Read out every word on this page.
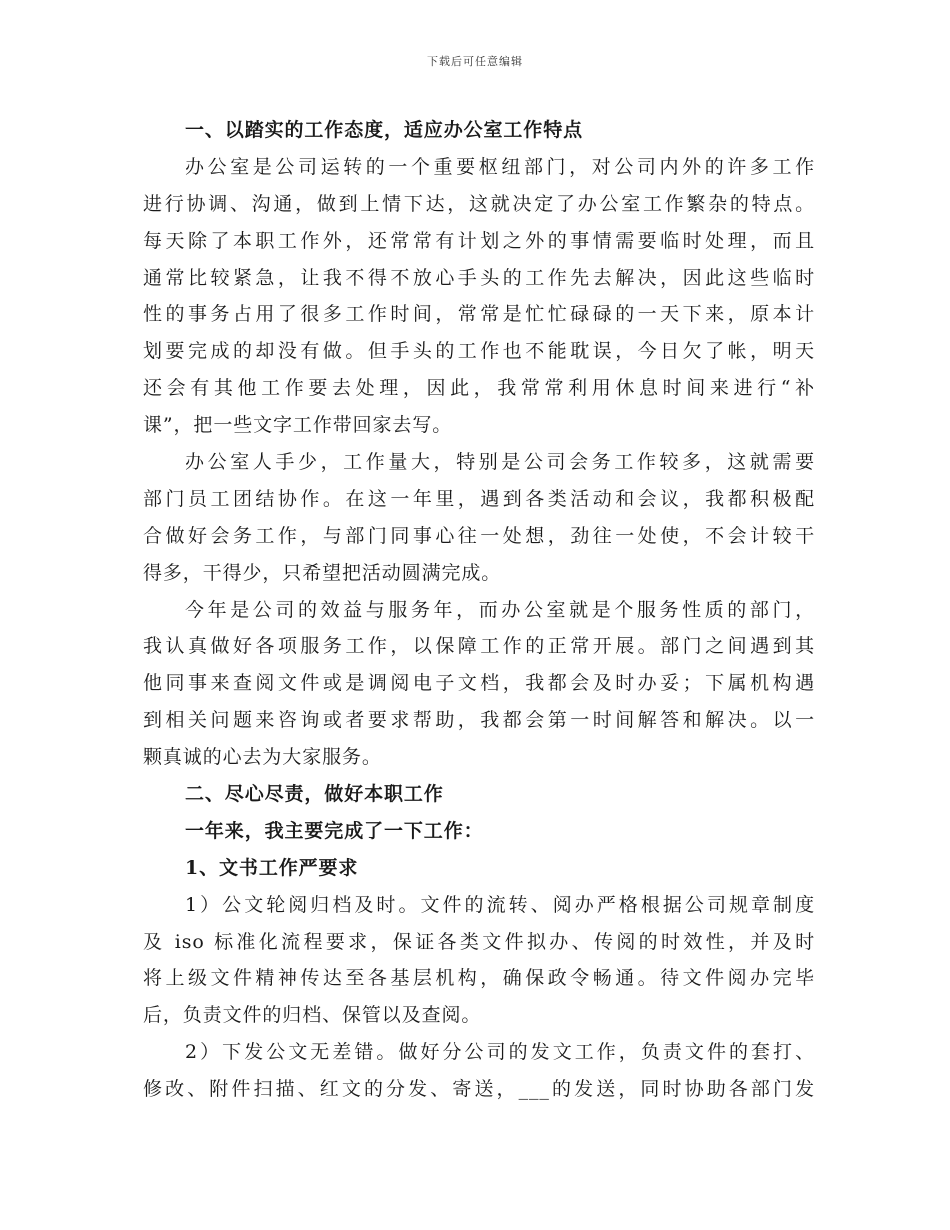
下载后可任意编辑
一、以踏实的工作态度，适应办公室工作特点
办公室是公司运转的一个重要枢纽部门，对公司内外的许多工作
进行协调、沟通，做到上情下达，这就决定了办公室工作繁杂的特点。
每天除了本职工作外，还常常有计划之外的事情需要临时处理，而且
通常比较紧急，让我不得不放心手头的工作先去解决，因此这些临时
性的事务占用了很多工作时间，常常是忙忙碌碌的一天下来，原本计
划要完成的却没有做。但手头的工作也不能耽误，今日欠了帐，明天
还会有其他工作要去处理，因此，我常常利用休息时间来进行“补
课”，把一些文字工作带回家去写。
办公室人手少，工作量大，特别是公司会务工作较多，这就需要
部门员工团结协作。在这一年里，遇到各类活动和会议，我都积极配
合做好会务工作，与部门同事心往一处想，劲往一处使，不会计较干
得多，干得少，只希望把活动圆满完成。
今年是公司的效益与服务年，而办公室就是个服务性质的部门，
我认真做好各项服务工作，以保障工作的正常开展。部门之间遇到其
他同事来查阅文件或是调阅电子文档，我都会及时办妥；下属机构遇
到相关问题来咨询或者要求帮助，我都会第一时间解答和解决。以一
颗真诚的心去为大家服务。
二、尽心尽责，做好本职工作
一年来，我主要完成了一下工作：
1、文书工作严要求
1）公文轮阅归档及时。文件的流转、阅办严格根据公司规章制度
及 iso 标准化流程要求，保证各类文件拟办、传阅的时效性，并及时
将上级文件精神传达至各基层机构，确保政令畅通。待文件阅办完毕
后，负责文件的归档、保管以及查阅。
2）下发公文无差错。做好分公司的发文工作，负责文件的套打、
修改、附件扫描、红文的分发、寄送，___的发送，同时协助各部门发
